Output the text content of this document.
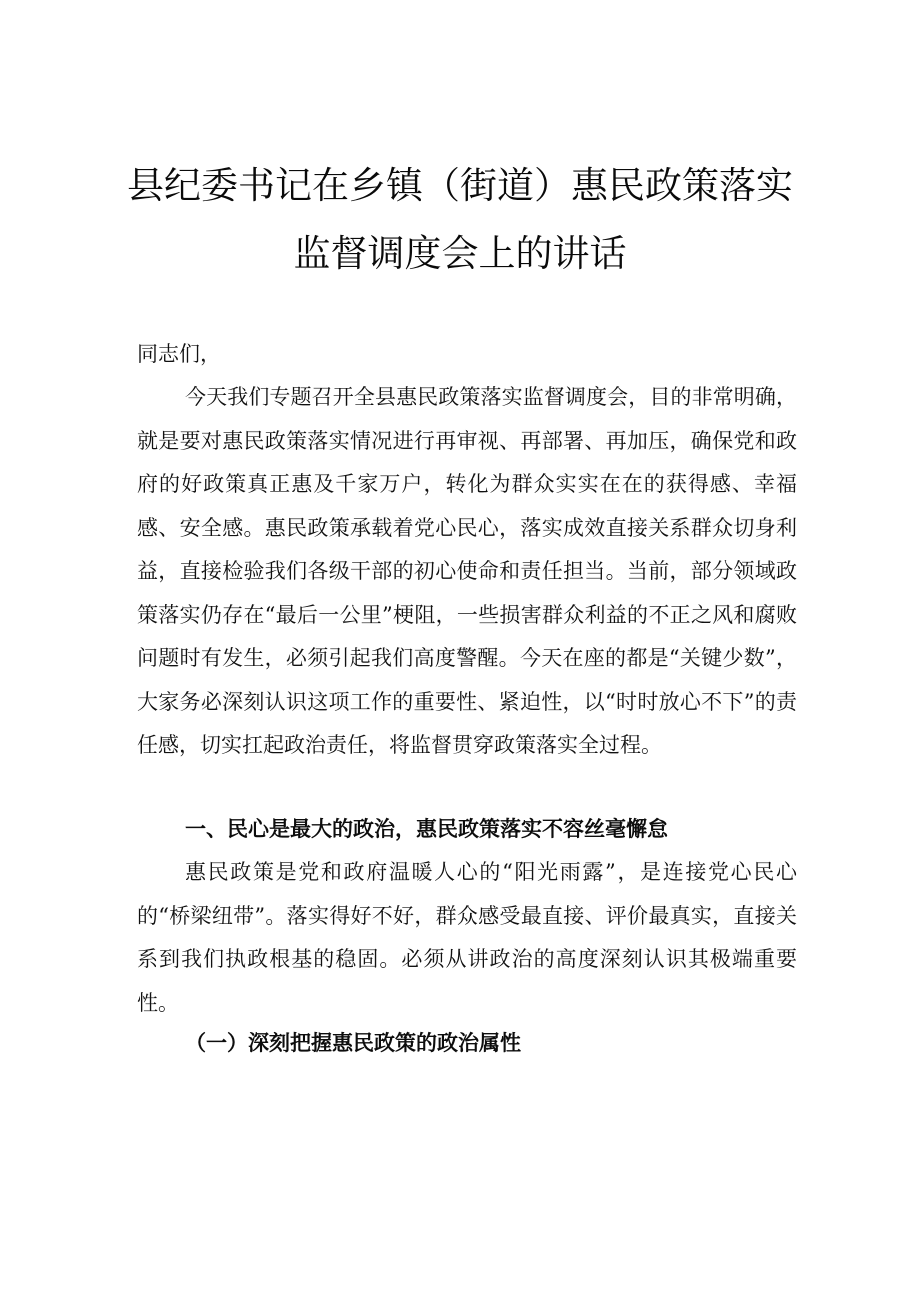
县纪委书记在乡镇（街道）惠民政策落实
监督调度会上的讲话
同志们，
今天我们专题召开全县惠民政策落实监督调度会，目的非常明确，就是要对惠民政策落实情况进行再审视、再部署、再加压，确保党和政府的好政策真正惠及千家万户，转化为群众实实在在的获得感、幸福感、安全感。惠民政策承载着党心民心，落实成效直接关系群众切身利益，直接检验我们各级干部的初心使命和责任担当。当前，部分领域政策落实仍存在“最后一公里”梗阻，一些损害群众利益的不正之风和腐败问题时有发生，必须引起我们高度警醒。今天在座的都是“关键少数”，大家务必深刻认识这项工作的重要性、紧迫性，以“时时放心不下”的责任感，切实扛起政治责任，将监督贯穿政策落实全过程。
一、民心是最大的政治，惠民政策落实不容丝毫懈怠
惠民政策是党和政府温暖人心的“阳光雨露”，是连接党心民心的“桥梁纽带”。落实得好不好，群众感受最直接、评价最真实，直接关系到我们执政根基的稳固。必须从讲政治的高度深刻认识其极端重要性。
（一）深刻把握惠民政策的政治属性
